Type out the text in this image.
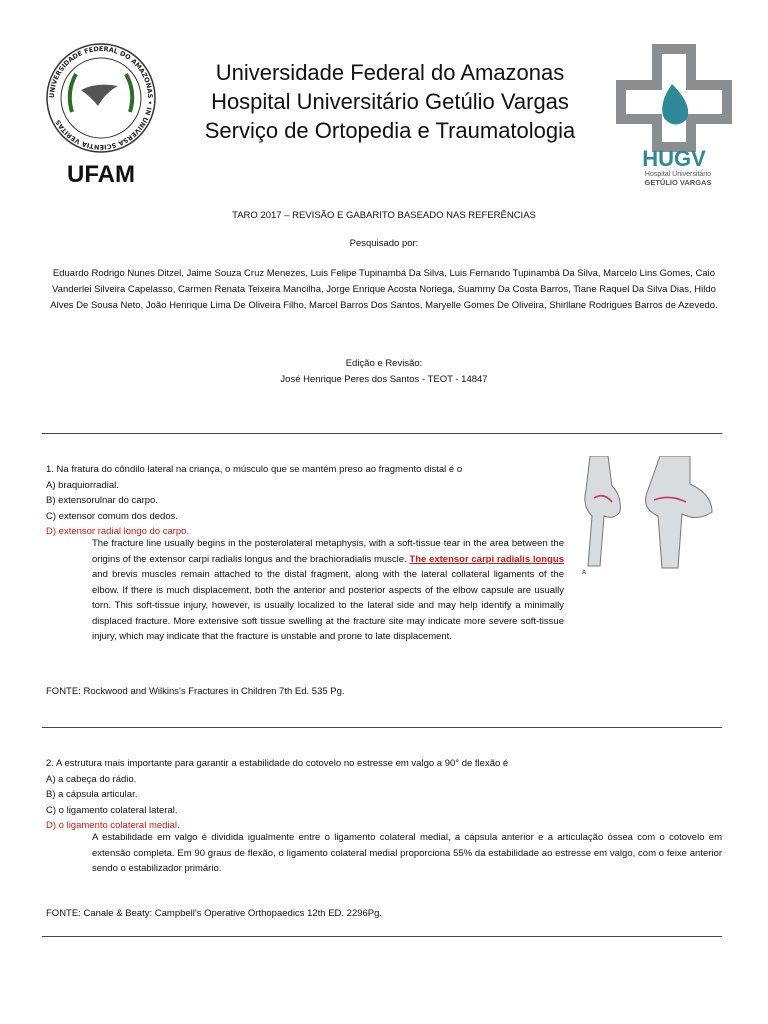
UNIVERSIDADE FEDERAL DO AMAZONAS • IN UNIVERSA SCIENTIA VERITAS
UFAM
Universidade Federal do Amazonas
Hospital Universitário Getúlio Vargas
Serviço de Ortopedia e Traumatologia
HUGV
Hospital Universitário
GETÚLIO VARGAS
TARO 2017 – REVISÃO E GABARITO BASEADO NAS REFERÊNCIAS
Pesquisado por:
Eduardo Rodrigo Nunes Ditzel, Jaime Souza Cruz Menezes, Luis Felipe Tupinambá Da Silva, Luis Fernando Tupinambá Da Silva, Marcelo Lins Gomes, Caio Vanderlei Silveira Capelasso, Carmen Renata Teixeira Mancilha, Jorge Enrique Acosta Noriega, Suammy Da Costa Barros, Tiane Raquel Da Silva Dias, Hildo Alves De Sousa Neto, João Henrique Lima De Oliveira Filho, Marcel Barros Dos Santos, Maryelle Gomes De Oliveira, Shirllane Rodrigues Barros de Azevedo.
Edição e Revisão:
José Henrique Peres dos Santos - TEOT - 14847
1. Na fratura do côndilo lateral na criança, o músculo que se mantém preso ao fragmento distal é o
A) braquiorradial.
B) extensorulnar do carpo.
C) extensor comum dos dedos.
D) extensor radial longo do carpo.
A
The fracture line usually begins in the posterolateral metaphysis, with a soft-tissue tear in the area between the origins of the extensor carpi radialis longus and the brachioradialis muscle. The extensor carpi radialis longus and brevis muscles remain attached to the distal fragment, along with the lateral collateral ligaments of the elbow. If there is much displacement, both the anterior and posterior aspects of the elbow capsule are usually torn. This soft-tissue injury, however, is usually localized to the lateral side and may help identify a minimally displaced fracture. More extensive soft tissue swelling at the fracture site may indicate more severe soft-tissue injury, which may indicate that the fracture is unstable and prone to late displacement.
FONTE: Rockwood and Wilkins's Fractures in Children 7th Ed. 535 Pg.
2. A estrutura mais importante para garantir a estabilidade do cotovelo no estresse em valgo a 90° de flexão é
A) a cabeça do rádio.
B) a cápsula articular.
C) o ligamento colateral lateral.
D) o ligamento colateral medial.
A estabilidade em valgo é dividida igualmente entre o ligamento colateral medial, a cápsula anterior e a articulação óssea com o cotovelo em extensão completa. Em 90 graus de flexão, o ligamento colateral medial proporciona 55% da estabilidade ao estresse em valgo, com o feixe anterior sendo o estabilizador primário.
FONTE: Canale & Beaty: Campbell's Operative Orthopaedics 12th ED. 2296Pg.
